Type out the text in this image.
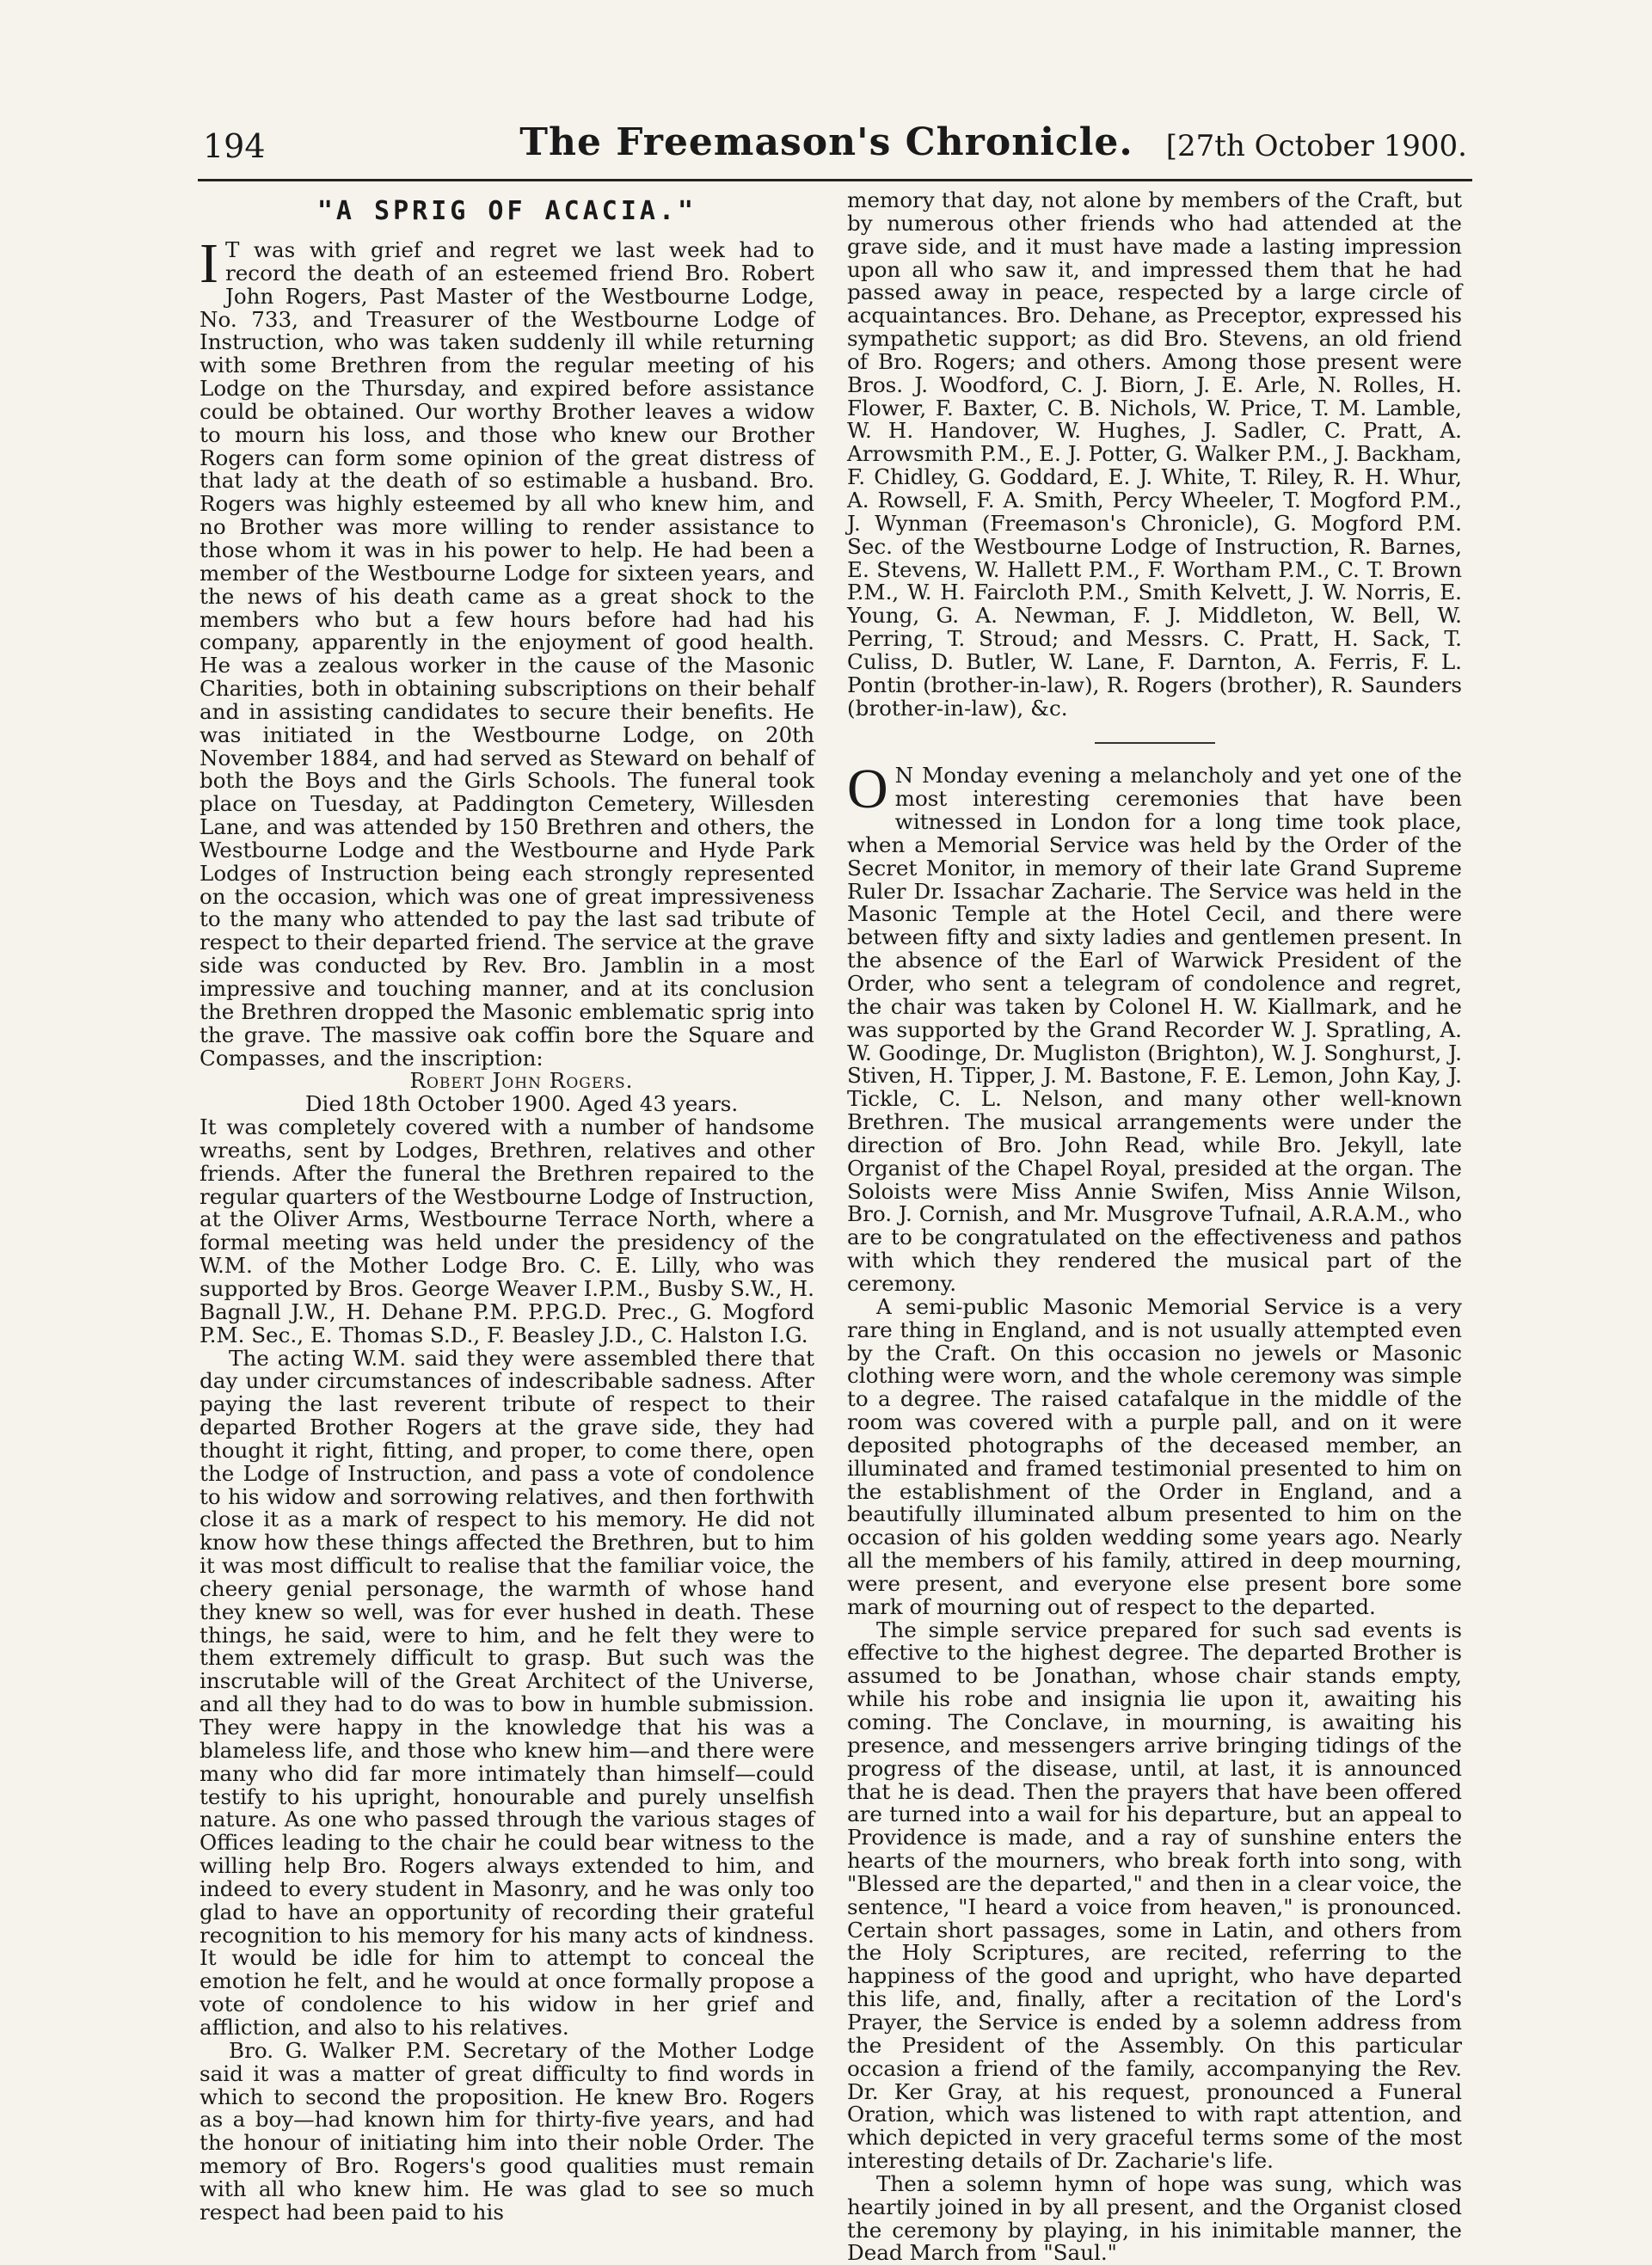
194	The Freemason's Chronicle.	[27th October 1900.
"A SPRIG OF ACACIA."

I T was with grief and regret we last week had to record the death of an esteemed friend Bro. Robert John Rogers, Past Master of the Westbourne Lodge, No. 733, and Treasurer of the Westbourne Lodge of Instruction, who was taken suddenly ill while returning with some Brethren from the regular meeting of his Lodge on the Thursday, and expired before assistance could be obtained. Our worthy Brother leaves a widow to mourn his loss, and those who knew our Brother Rogers can form some opinion of the great distress of that lady at the death of so estimable a husband. Bro. Rogers was highly esteemed by all who knew him, and no Brother was more willing to render assistance to those whom it was in his power to help. He had been a member of the Westbourne Lodge for sixteen years, and the news of his death came as a great shock to the members who but a few hours before had had his company, apparently in the enjoyment of good health. He was a zealous worker in the cause of the Masonic Charities, both in obtaining subscriptions on their behalf and in assisting candidates to secure their benefits. He was initiated in the Westbourne Lodge, on 20th November 1884, and had served as Steward on behalf of both the Boys and the Girls Schools. The funeral took place on Tuesday, at Paddington Cemetery, Willesden Lane, and was attended by 150 Brethren and others, the Westbourne Lodge and the Westbourne and Hyde Park Lodges of Instruction being each strongly represented on the occasion, which was one of great impressiveness to the many who attended to pay the last sad tribute of respect to their departed friend. The service at the grave side was conducted by Rev. Bro. Jamblin in a most impressive and touching manner, and at its conclusion the Brethren dropped the Masonic emblematic sprig into the grave. The massive oak coffin bore the Square and Compasses, and the inscription:

Robert John Rogers.

Died 18th October 1900. Aged 43 years.

It was completely covered with a number of handsome wreaths, sent by Lodges, Brethren, relatives and other friends. After the funeral the Brethren repaired to the regular quarters of the Westbourne Lodge of Instruction, at the Oliver Arms, Westbourne Terrace North, where a formal meeting was held under the presidency of the W.M. of the Mother Lodge Bro. C. E. Lilly, who was supported by Bros. George Weaver I.P.M., Busby S.W., H. Bagnall J.W., H. Dehane P.M. P.P.G.D. Prec., G. Mogford P.M. Sec., E. Thomas S.D., F. Beasley J.D., C. Halston I.G.

The acting W.M. said they were assembled there that day under circumstances of indescribable sadness. After paying the last reverent tribute of respect to their departed Brother Rogers at the grave side, they had thought it right, fitting, and proper, to come there, open the Lodge of Instruction, and pass a vote of condolence to his widow and sorrowing relatives, and then forthwith close it as a mark of respect to his memory. He did not know how these things affected the Brethren, but to him it was most difficult to realise that the familiar voice, the cheery genial personage, the warmth of whose hand they knew so well, was for ever hushed in death. These things, he said, were to him, and he felt they were to them extremely difficult to grasp. But such was the inscrutable will of the Great Architect of the Universe, and all they had to do was to bow in humble submission. They were happy in the knowledge that his was a blameless life, and those who knew him—and there were many who did far more intimately than himself—could testify to his upright, honourable and purely unselfish nature. As one who passed through the various stages of Offices leading to the chair he could bear witness to the willing help Bro. Rogers always extended to him, and indeed to every student in Masonry, and he was only too glad to have an opportunity of recording their grateful recognition to his memory for his many acts of kindness. It would be idle for him to attempt to conceal the emotion he felt, and he would at once formally propose a vote of condolence to his widow in her grief and affliction, and also to his relatives.

Bro. G. Walker P.M. Secretary of the Mother Lodge said it was a matter of great difficulty to find words in which to second the proposition. He knew Bro. Rogers as a boy—had known him for thirty-five years, and had the honour of initiating him into their noble Order. The memory of Bro. Rogers's good qualities must remain with all who knew him. He was glad to see so much respect had been paid to his

memory that day, not alone by members of the Craft, but by numerous other friends who had attended at the grave side, and it must have made a lasting impression upon all who saw it, and impressed them that he had passed away in peace, respected by a large circle of acquaintances. Bro. Dehane, as Preceptor, expressed his sympathetic support; as did Bro. Stevens, an old friend of Bro. Rogers; and others. Among those present were Bros. J. Woodford, C. J. Biorn, J. E. Arle, N. Rolles, H. Flower, F. Baxter, C. B. Nichols, W. Price, T. M. Lamble, W. H. Handover, W. Hughes, J. Sadler, C. Pratt, A. Arrowsmith P.M., E. J. Potter, G. Walker P.M., J. Backham, F. Chidley, G. Goddard, E. J. White, T. Riley, R. H. Whur, A. Rowsell, F. A. Smith, Percy Wheeler, T. Mogford P.M., J. Wynman (Freemason's Chronicle), G. Mogford P.M. Sec. of the Westbourne Lodge of Instruction, R. Barnes, E. Stevens, W. Hallett P.M., F. Wortham P.M., C. T. Brown P.M., W. H. Faircloth P.M., Smith Kelvett, J. W. Norris, E. Young, G. A. Newman, F. J. Middleton, W. Bell, W. Perring, T. Stroud; and Messrs. C. Pratt, H. Sack, T. Culiss, D. Butler, W. Lane, F. Darnton, A. Ferris, F. L. Pontin (brother-in-law), R. Rogers (brother), R. Saunders (brother-in-law), &c.

O N Monday evening a melancholy and yet one of the most interesting ceremonies that have been witnessed in London for a long time took place, when a Memorial Service was held by the Order of the Secret Monitor, in memory of their late Grand Supreme Ruler Dr. Issachar Zacharie. The Service was held in the Masonic Temple at the Hotel Cecil, and there were between fifty and sixty ladies and gentlemen present. In the absence of the Earl of Warwick President of the Order, who sent a telegram of condolence and regret, the chair was taken by Colonel H. W. Kiallmark, and he was supported by the Grand Recorder W. J. Spratling, A. W. Goodinge, Dr. Mugliston (Brighton), W. J. Songhurst, J. Stiven, H. Tipper, J. M. Bastone, F. E. Lemon, John Kay, J. Tickle, C. L. Nelson, and many other well-known Brethren. The musical arrangements were under the direction of Bro. John Read, while Bro. Jekyll, late Organist of the Chapel Royal, presided at the organ. The Soloists were Miss Annie Swifen, Miss Annie Wilson, Bro. J. Cornish, and Mr. Musgrove Tufnail, A.R.A.M., who are to be congratulated on the effectiveness and pathos with which they rendered the musical part of the ceremony.

A semi-public Masonic Memorial Service is a very rare thing in England, and is not usually attempted even by the Craft. On this occasion no jewels or Masonic clothing were worn, and the whole ceremony was simple to a degree. The raised catafalque in the middle of the room was covered with a purple pall, and on it were deposited photographs of the deceased member, an illuminated and framed testimonial presented to him on the establishment of the Order in England, and a beautifully illuminated album presented to him on the occasion of his golden wedding some years ago. Nearly all the members of his family, attired in deep mourning, were present, and everyone else present bore some mark of mourning out of respect to the departed.

The simple service prepared for such sad events is effective to the highest degree. The departed Brother is assumed to be Jonathan, whose chair stands empty, while his robe and insignia lie upon it, awaiting his coming. The Conclave, in mourning, is awaiting his presence, and messengers arrive bringing tidings of the progress of the disease, until, at last, it is announced that he is dead. Then the prayers that have been offered are turned into a wail for his departure, but an appeal to Providence is made, and a ray of sunshine enters the hearts of the mourners, who break forth into song, with "Blessed are the departed," and then in a clear voice, the sentence, "I heard a voice from heaven," is pronounced. Certain short passages, some in Latin, and others from the Holy Scriptures, are recited, referring to the happiness of the good and upright, who have departed this life, and, finally, after a recitation of the Lord's Prayer, the Service is ended by a solemn address from the President of the Assembly. On this particular occasion a friend of the family, accompanying the Rev. Dr. Ker Gray, at his request, pronounced a Funeral Oration, which was listened to with rapt attention, and which depicted in very graceful terms some of the most interesting details of Dr. Zacharie's life.

Then a solemn hymn of hope was sung, which was heartily joined in by all present, and the Organist closed the ceremony by playing, in his inimitable manner, the Dead March from "Saul."
